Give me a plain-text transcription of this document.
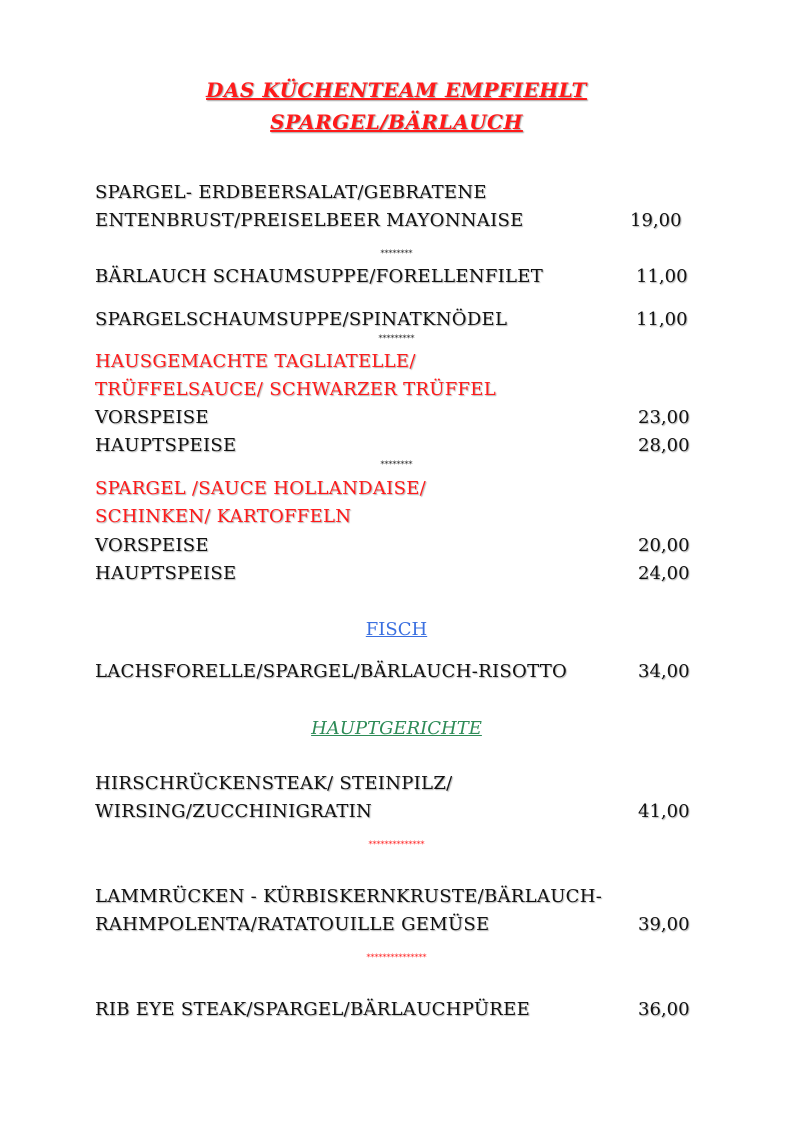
DAS KÜCHENTEAM EMPFIEHLT
SPARGEL/BÄRLAUCH
SPARGEL- ERDBEERSALAT/GEBRATENE
ENTENBRUST/PREISELBEER MAYONNAISE	19,00
********
BÄRLAUCH SCHAUMSUPPE/FORELLENFILET	11,00
SPARGELSCHAUMSUPPE/SPINATKNÖDEL	11,00
*********
HAUSGEMACHTE TAGLIATELLE/
TRÜFFELSAUCE/ SCHWARZER TRÜFFEL
VORSPEISE	23,00
HAUPTSPEISE	28,00
********
SPARGEL /SAUCE HOLLANDAISE/
SCHINKEN/ KARTOFFELN
VORSPEISE	20,00
HAUPTSPEISE	24,00
FISCH
LACHSFORELLE/SPARGEL/BÄRLAUCH-RISOTTO	34,00
HAUPTGERICHTE
HIRSCHRÜCKENSTEAK/ STEINPILZ/
WIRSING/ZUCCHINIGRATIN	41,00
**************
LAMMRÜCKEN - KÜRBISKERNKRUSTE/BÄRLAUCH-
RAHMPOLENTA/RATATOUILLE GEMÜSE	39,00
***************
RIB EYE STEAK/SPARGEL/BÄRLAUCHPÜREE	36,00
